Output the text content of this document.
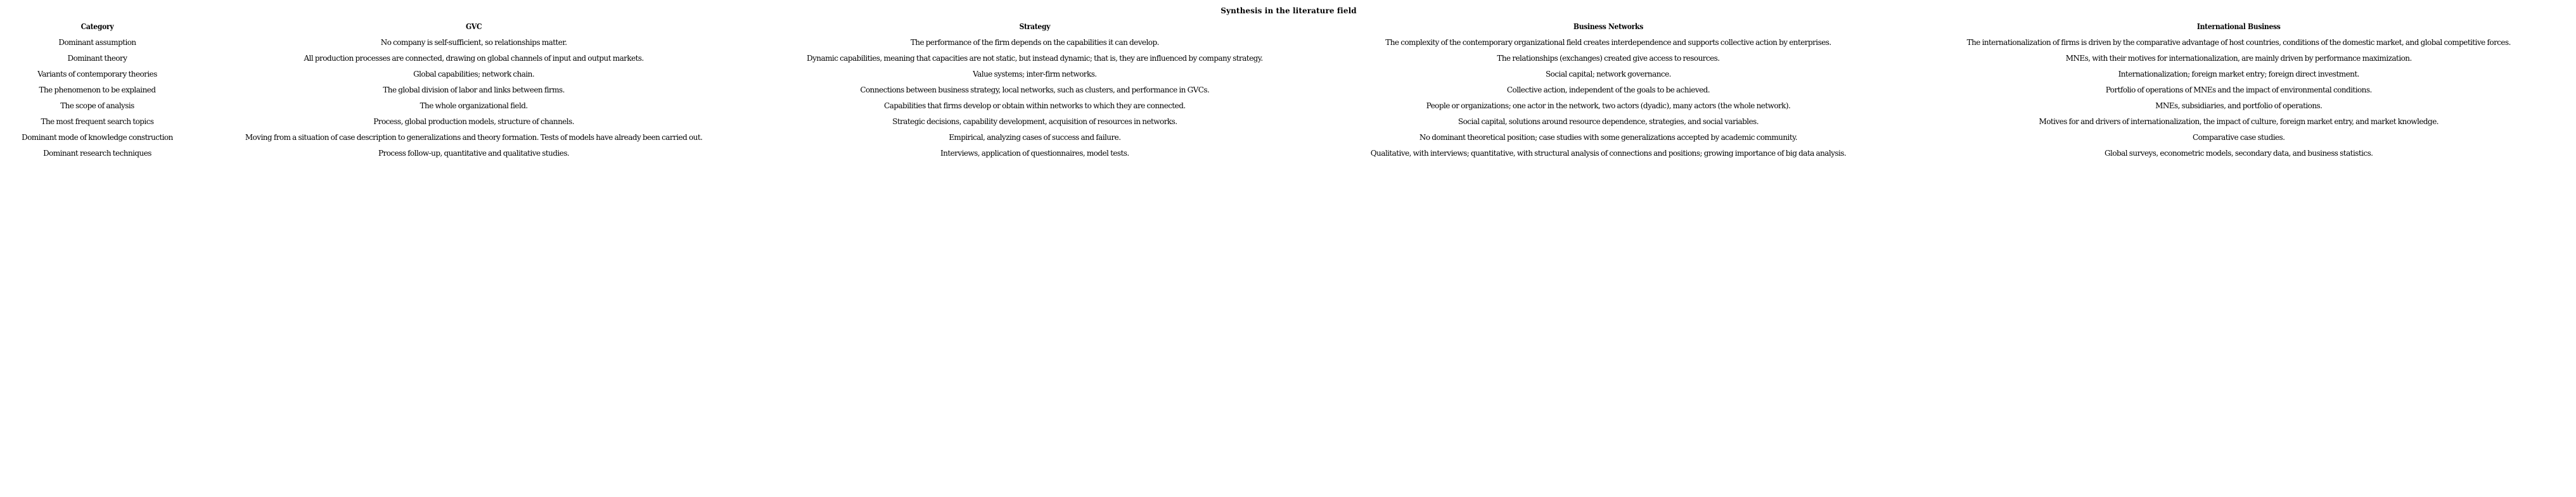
Synthesis in the literature field
Category	GVC	Strategy	Business Networks	International Business
Dominant assumption	No company is self-sufficient, so relationships matter.	The performance of the firm depends on the capabilities it can develop.	The complexity of the contemporary organizational field creates interdependence and supports collective action by enterprises.	The internationalization of firms is driven by the comparative advantage of host countries, conditions of the domestic market, and global competitive forces.
Dominant theory	All production processes are connected, drawing on global channels of input and output markets.	Dynamic capabilities, meaning that capacities are not static, but instead dynamic; that is, they are influenced by company strategy.	The relationships (exchanges) created give access to resources.	MNEs, with their motives for internationalization, are mainly driven by performance maximization.
Variants of contemporary theories	Global capabilities; network chain.	Value systems; inter-firm networks.	Social capital; network governance.	Internationalization; foreign market entry; foreign direct investment.
The phenomenon to be explained	The global division of labor and links between firms.	Connections between business strategy, local networks, such as clusters, and performance in GVCs.	Collective action, independent of the goals to be achieved.	Portfolio of operations of MNEs and the impact of environmental conditions.
The scope of analysis	The whole organizational field.	Capabilities that firms develop or obtain within networks to which they are connected.	People or organizations; one actor in the network, two actors (dyadic), many actors (the whole network).	MNEs, subsidiaries, and portfolio of operations.
The most frequent search topics	Process, global production models, structure of channels.	Strategic decisions, capability development, acquisition of resources in networks.	Social capital, solutions around resource dependence, strategies, and social variables.	Motives for and drivers of internationalization, the impact of culture, foreign market entry, and market knowledge.
Dominant mode of knowledge construction	Moving from a situation of case description to generalizations and theory formation. Tests of models have already been carried out.	Empirical, analyzing cases of success and failure.	No dominant theoretical position; case studies with some generalizations accepted by academic community.	Comparative case studies.
Dominant research techniques	Process follow-up, quantitative and qualitative studies.	Interviews, application of questionnaires, model tests.	Qualitative, with interviews; quantitative, with structural analysis of connections and positions; growing importance of big data analysis.	Global surveys, econometric models, secondary data, and business statistics.
